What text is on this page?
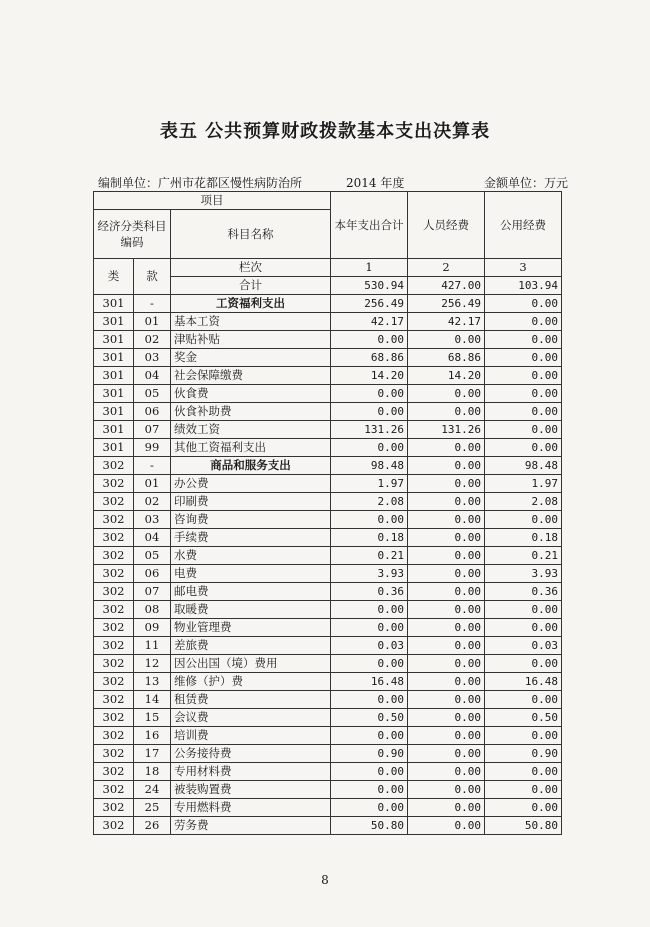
表五 公共预算财政拨款基本支出决算表
编制单位：广州市花都区慢性病防治所	2014 年度	金额单位：万元
项目			本年支出合计	人员经费	公用经费
经济分类科目编码		科目名称			

类	款	栏次	1	2	3
		合计	530.94	427.00	103.94
301	-	工资福利支出	256.49	256.49	0.00
301	01	基本工资	42.17	42.17	0.00
301	02	津贴补贴	0.00	0.00	0.00
301	03	奖金	68.86	68.86	0.00
301	04	社会保障缴费	14.20	14.20	0.00
301	05	伙食费	0.00	0.00	0.00
301	06	伙食补助费	0.00	0.00	0.00
301	07	绩效工资	131.26	131.26	0.00
301	99	其他工资福利支出	0.00	0.00	0.00
302	-	商品和服务支出	98.48	0.00	98.48
302	01	办公费	1.97	0.00	1.97
302	02	印刷费	2.08	0.00	2.08
302	03	咨询费	0.00	0.00	0.00
302	04	手续费	0.18	0.00	0.18
302	05	水费	0.21	0.00	0.21
302	06	电费	3.93	0.00	3.93
302	07	邮电费	0.36	0.00	0.36
302	08	取暖费	0.00	0.00	0.00
302	09	物业管理费	0.00	0.00	0.00
302	11	差旅费	0.03	0.00	0.03
302	12	因公出国（境）费用	0.00	0.00	0.00
302	13	维修（护）费	16.48	0.00	16.48
302	14	租赁费	0.00	0.00	0.00
302	15	会议费	0.50	0.00	0.50
302	16	培训费	0.00	0.00	0.00
302	17	公务接待费	0.90	0.00	0.90
302	18	专用材料费	0.00	0.00	0.00
302	24	被装购置费	0.00	0.00	0.00
302	25	专用燃料费	0.00	0.00	0.00
302	26	劳务费	50.80	0.00	50.80
8
